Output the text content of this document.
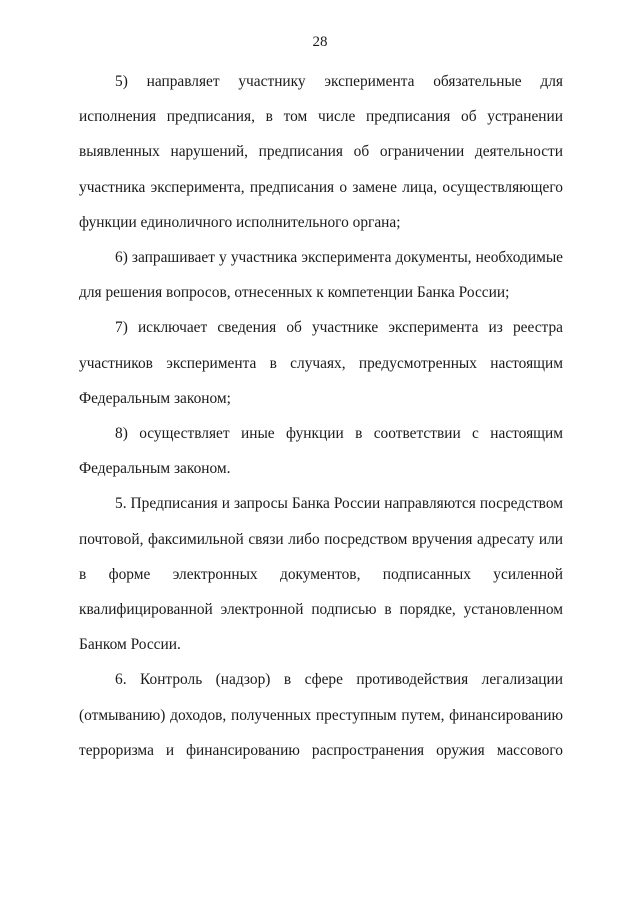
28

5) направляет участнику эксперимента обязательные для исполнения предписания, в том числе предписания об устранении выявленных нарушений, предписания об ограничении деятельности участника эксперимента, предписания о замене лица, осуществляющего функции единоличного исполнительного органа;

6) запрашивает у участника эксперимента документы, необходимые для решения вопросов, отнесенных к компетенции Банка России;

7) исключает сведения об участнике эксперимента из реестра участников эксперимента в случаях, предусмотренных настоящим Федеральным законом;

8) осуществляет иные функции в соответствии с настоящим Федеральным законом.

5. Предписания и запросы Банка России направляются посредством почтовой, факсимильной связи либо посредством вручения адресату или в форме электронных документов, подписанных усиленной квалифицированной электронной подписью в порядке, установленном Банком России.

6. Контроль (надзор) в сфере противодействия легализации (отмыванию) доходов, полученных преступным путем, финансированию терроризма и финансированию распространения оружия массового
